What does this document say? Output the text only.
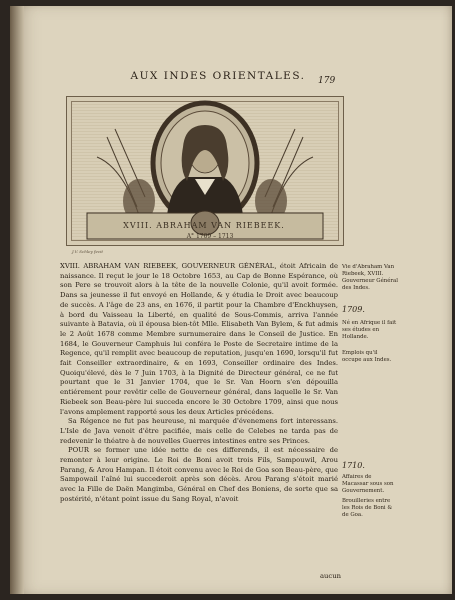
AUX INDES ORIENTALES.	179
XVIII. ABRAHAM VAN RIEBEEK.
A° 1709 – 1713
J.V. Schley fecit

XVIII. ABRAHAM VAN RIEBEEK, GOUVERNEUR GÉNÉRAL, étoit Africain de naissance. Il reçut le jour le 18 Octobre 1653, au Cap de Bonne Espérance, où son Pere se trouvoit alors à la tête de la nouvelle Colonie, qu'il avoit formée. Dans sa jeunesse il fut envoyé en Hollande, & y étudia le Droit avec beaucoup de succès. A l'âge de 23 ans, en 1676, il partit pour la Chambre d'Enckhuysen, à bord du Vaisseau la Liberté, en qualité de Sous-Commis, arriva l'année suivante à Batavia, où il épousa bien-tôt Mlle. Elisabeth Van Bylem, & fut admis le 2 Août 1678 comme Membre surnumeraire dans le Conseil de Justice. En 1684, le Gouverneur Camphuis lui conféra le Poste de Secretaire intime de la Regence, qu'il remplit avec beaucoup de reputation, jusqu'en 1690, lorsqu'il fut fait Conseiller extraordinaire, & en 1693, Conseiller ordinaire des Indes. Quoiqu'élevé, dès le 7 Juin 1703, à la Dignité de Directeur général, ce ne fut pourtant que le 31 Janvier 1704, que le Sr. Van Hoorn s'en dépouilla entiérement pour revêtir celle de Gouverneur général, dans laquelle le Sr. Van Riebeek son Beau-père lui succeda encore le 30 Octobre 1709, ainsi que nous l'avons amplement rapporté sous les deux Articles précédens.

Sa Régence ne fut pas heureuse, ni marquée d'évenemens fort interessans. L'Isle de Java venoit d'être pacifiée, mais celle de Celebes ne tarda pas de redevenir le théatre à de nouvelles Guerres intestines entre ses Princes.

POUR se former une idée nette de ces differends, il est nécessaire de remonter à leur origine. Le Roi de Boni avoit trois Fils, Sampouwil, Arou Parang, & Arou Hampan. Il étoit convenu avec le Roi de Goa son Beau-père, que Sampowail l'aîné lui succederoit après son décès. Arou Parang s'étoit marié avec la Fille de Daën Mangimba, Général en Chef des Boniens, de sorte que sa postérité, n'étant point issue du Sang Royal, n'avoit

aucun
Vie d'Abraham Van Riebeek, XVIII. Gouverneur Général des Indes.
1709.
Né en Afrique il fait ses études en Hollande.
Emplois qu'il occupe aux Indes.
1710.
Affaires de Macassar sous son Gouvernement.
Brouilleries entre les Rois de Boni & de Goa.
